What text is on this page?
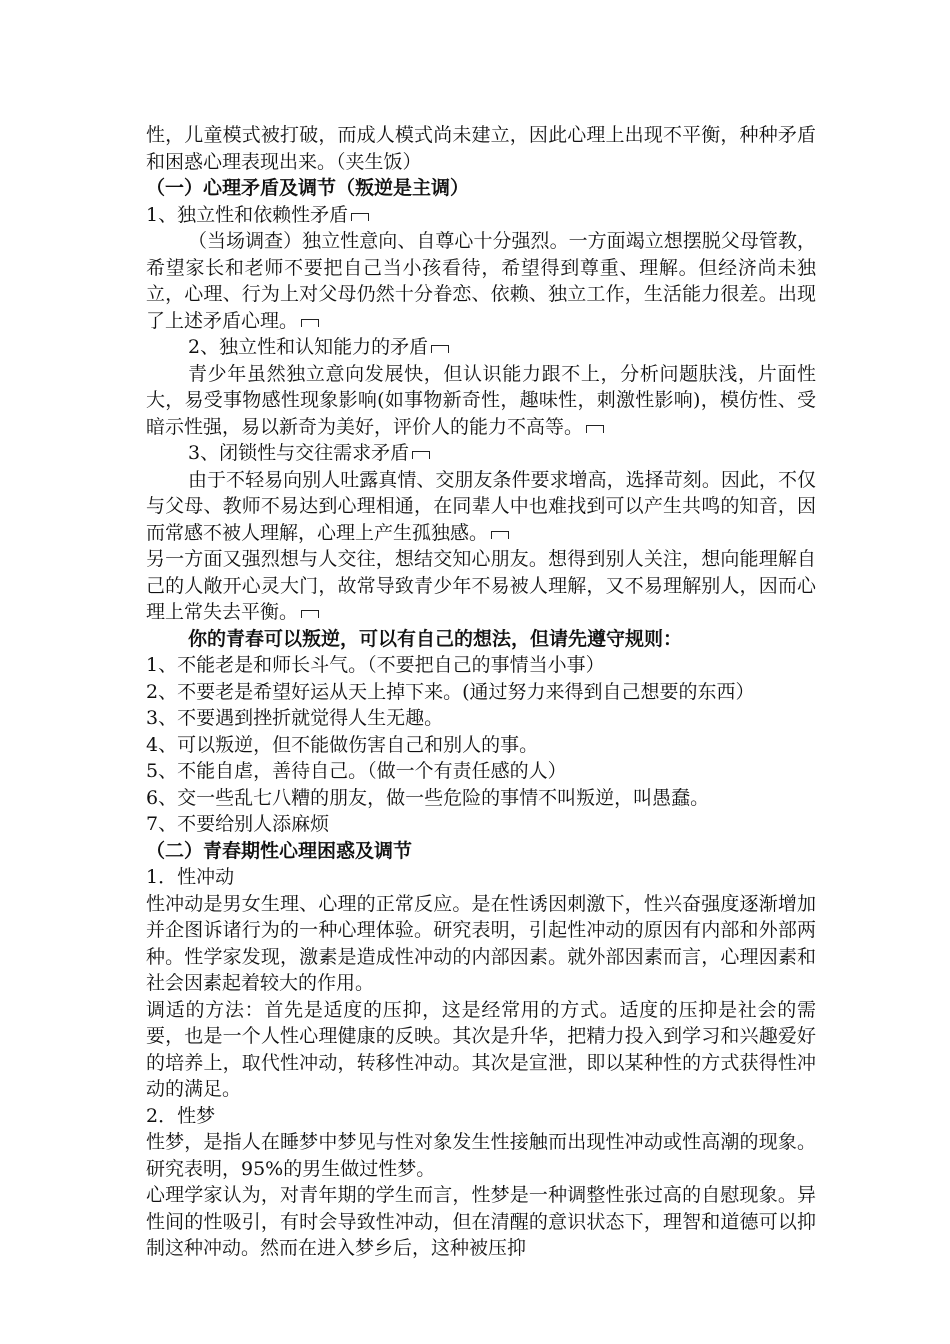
性，儿童模式被打破，而成人模式尚未建立，因此心理上出现不平衡，种种矛盾和困惑心理表现出来。（夹生饭）

（一）心理矛盾及调节（叛逆是主调）

1、独立性和依赖性矛盾

（当场调查）独立性意向、自尊心十分强烈。一方面竭立想摆脱父母管教，希望家长和老师不要把自己当小孩看待，希望得到尊重、理解。但经济尚未独立，心理、行为上对父母仍然十分眷恋、依赖、独立工作，生活能力很差。出现了上述矛盾心理。

2、独立性和认知能力的矛盾

青少年虽然独立意向发展快，但认识能力跟不上，分析问题肤浅，片面性大，易受事物感性现象影响(如事物新奇性，趣味性，刺激性影响)，模仿性、受暗示性强，易以新奇为美好，评价人的能力不高等。

3、闭锁性与交往需求矛盾

由于不轻易向别人吐露真情、交朋友条件要求增高，选择苛刻。因此，不仅与父母、教师不易达到心理相通，在同辈人中也难找到可以产生共鸣的知音，因而常感不被人理解，心理上产生孤独感。

另一方面又强烈想与人交往，想结交知心朋友。想得到别人关注，想向能理解自己的人敞开心灵大门，故常导致青少年不易被人理解，又不易理解别人，因而心理上常失去平衡。

你的青春可以叛逆，可以有自己的想法，但请先遵守规则：

1、不能老是和师长斗气。（不要把自己的事情当小事）

2、不要老是希望好运从天上掉下来。(通过努力来得到自己想要的东西）

3、不要遇到挫折就觉得人生无趣。

4、可以叛逆，但不能做伤害自己和别人的事。

5、不能自虐，善待自己。（做一个有责任感的人）

6、交一些乱七八糟的朋友，做一些危险的事情不叫叛逆，叫愚蠢。

7、不要给别人添麻烦

（二）青春期性心理困惑及调节

1．性冲动

性冲动是男女生理、心理的正常反应。是在性诱因刺激下，性兴奋强度逐渐增加并企图诉诸行为的一种心理体验。研究表明，引起性冲动的原因有内部和外部两种。性学家发现，激素是造成性冲动的内部因素。就外部因素而言，心理因素和社会因素起着较大的作用。

调适的方法：首先是适度的压抑，这是经常用的方式。适度的压抑是社会的需要，也是一个人性心理健康的反映。其次是升华，把精力投入到学习和兴趣爱好的培养上，取代性冲动，转移性冲动。其次是宣泄，即以某种性的方式获得性冲动的满足。

2．性梦

性梦，是指人在睡梦中梦见与性对象发生性接触而出现性冲动或性高潮的现象。研究表明，95%的男生做过性梦。

心理学家认为，对青年期的学生而言，性梦是一种调整性张过高的自慰现象。异性间的性吸引，有时会导致性冲动，但在清醒的意识状态下，理智和道德可以抑制这种冲动。然而在进入梦乡后，这种被压抑
